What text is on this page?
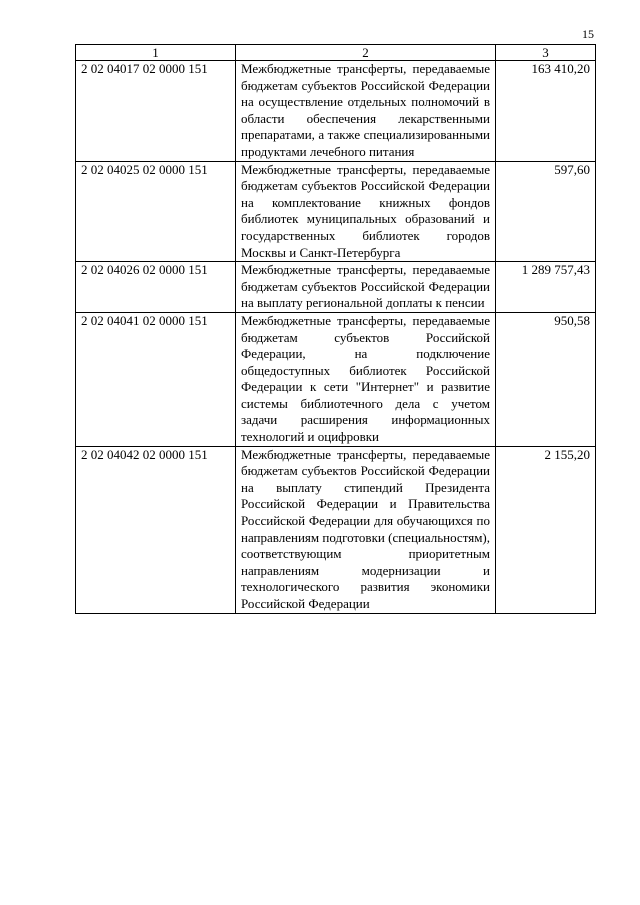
15
1	2	3
2 02 04017 02 0000 151	Межбюджетные трансферты, передаваемые бюджетам субъектов Российской Федерации на осуществление отдельных полномочий в области обеспечения лекарственными препаратами, а также специализированными продуктами лечебного питания	163 410,20
2 02 04025 02 0000 151	Межбюджетные трансферты, передаваемые бюджетам субъектов Российской Федерации на комплектование книжных фондов библиотек муниципальных образований и государственных библиотек городов Москвы и Санкт-Петербурга	597,60
2 02 04026 02 0000 151	Межбюджетные трансферты, передаваемые бюджетам субъектов Российской Федерации на выплату региональной доплаты к пенсии	1 289 757,43
2 02 04041 02 0000 151	Межбюджетные трансферты, передаваемые бюджетам субъектов Российской Федерации, на подключение общедоступных библиотек Российской Федерации к сети "Интернет" и развитие системы библиотечного дела с учетом задачи расширения информационных технологий и оцифровки	950,58
2 02 04042 02 0000 151	Межбюджетные трансферты, передаваемые бюджетам субъектов Российской Федерации на выплату стипендий Президента Российской Федерации и Правительства Российской Федерации для обучающихся по направлениям подготовки (специальностям), соответствующим приоритетным направлениям модернизации и технологического развития экономики Российской Федерации	2 155,20
